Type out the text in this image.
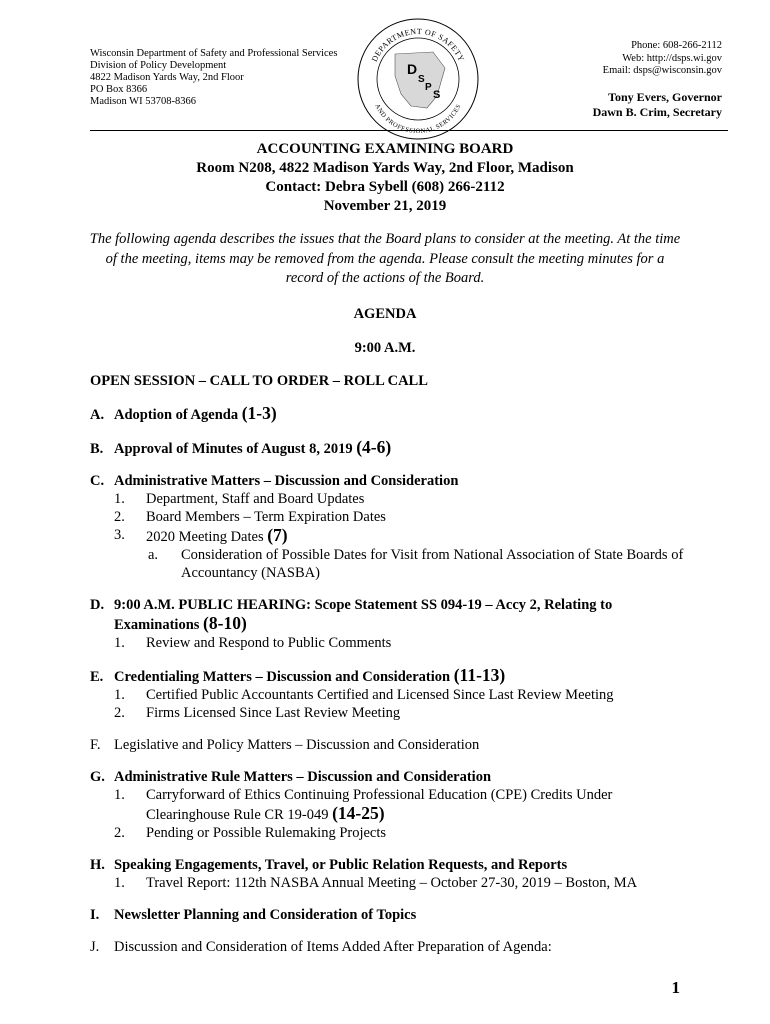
Wisconsin Department of Safety and Professional Services
Division of Policy Development
4822 Madison Yards Way, 2nd Floor
PO Box 8366
Madison WI 53708-8366
DEPARTMENT OF SAFETY
AND PROFESSIONAL SERVICES
D
S
P
S
Phone: 608-266-2112
Web: http://dsps.wi.gov
Email: dsps@wisconsin.gov
Tony Evers, Governor
Dawn B. Crim, Secretary
ACCOUNTING EXAMINING BOARD
Room N208, 4822 Madison Yards Way, 2nd Floor, Madison
Contact: Debra Sybell (608) 266-2112
November 21, 2019
The following agenda describes the issues that the Board plans to consider at the meeting. At the time of the meeting, items may be removed from the agenda. Please consult the meeting minutes for a record of the actions of the Board.
AGENDA
9:00 A.M.
OPEN SESSION – CALL TO ORDER – ROLL CALL
A. Adoption of Agenda (1-3)
B. Approval of Minutes of August 8, 2019 (4-6)
C. Administrative Matters – Discussion and Consideration
1. Department, Staff and Board Updates
2. Board Members – Term Expiration Dates
3. 2020 Meeting Dates (7)
a. Consideration of Possible Dates for Visit from National Association of State Boards of Accountancy (NASBA)
D. 9:00 A.M. PUBLIC HEARING: Scope Statement SS 094-19 – Accy 2, Relating to
Examinations (8-10)
1. Review and Respond to Public Comments
E. Credentialing Matters – Discussion and Consideration (11-13)
1. Certified Public Accountants Certified and Licensed Since Last Review Meeting
2. Firms Licensed Since Last Review Meeting
F. Legislative and Policy Matters – Discussion and Consideration
G. Administrative Rule Matters – Discussion and Consideration
1. Carryforward of Ethics Continuing Professional Education (CPE) Credits Under Clearinghouse Rule CR 19-049 (14-25)
2. Pending or Possible Rulemaking Projects
H. Speaking Engagements, Travel, or Public Relation Requests, and Reports
1. Travel Report: 112th NASBA Annual Meeting – October 27-30, 2019 – Boston, MA
I. Newsletter Planning and Consideration of Topics
J. Discussion and Consideration of Items Added After Preparation of Agenda:
1
